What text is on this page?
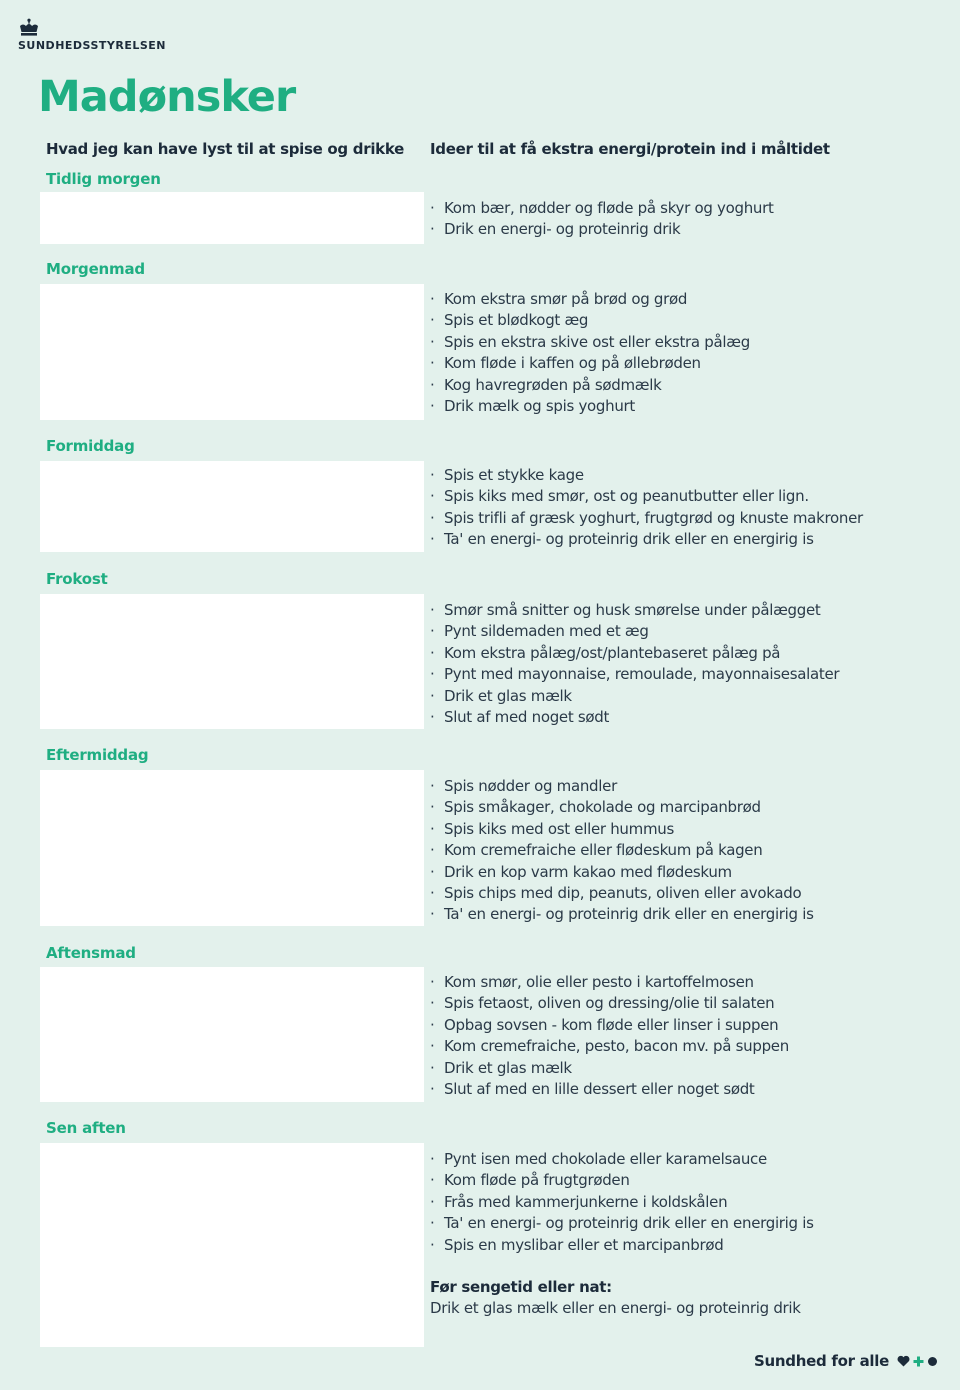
SUNDHEDSSTYRELSEN
Madønsker
Hvad jeg kan have lyst til at spise og drikke Ideer til at få ekstra energi/protein ind i måltidet
Tidlig morgen
· Kom bær, nødder og fløde på skyr og yoghurt
· Drik en energi- og proteinrig drik
Morgenmad
· Kom ekstra smør på brød og grød
· Spis et blødkogt æg
· Spis en ekstra skive ost eller ekstra pålæg
· Kom fløde i kaffen og på øllebrøden
· Kog havregrøden på sødmælk
· Drik mælk og spis yoghurt
Formiddag
· Spis et stykke kage
· Spis kiks med smør, ost og peanutbutter eller lign.
· Spis trifli af græsk yoghurt, frugtgrød og knuste makroner
· Ta' en energi- og proteinrig drik eller en energirig is
Frokost
· Smør små snitter og husk smørelse under pålægget
· Pynt sildemaden med et æg
· Kom ekstra pålæg/ost/plantebaseret pålæg på
· Pynt med mayonnaise, remoulade, mayonnaisesalater
· Drik et glas mælk
· Slut af med noget sødt
Eftermiddag
· Spis nødder og mandler
· Spis småkager, chokolade og marcipanbrød
· Spis kiks med ost eller hummus
· Kom cremefraiche eller flødeskum på kagen
· Drik en kop varm kakao med flødeskum
· Spis chips med dip, peanuts, oliven eller avokado
· Ta' en energi- og proteinrig drik eller en energirig is
Aftensmad
· Kom smør, olie eller pesto i kartoffelmosen
· Spis fetaost, oliven og dressing/olie til salaten
· Opbag sovsen - kom fløde eller linser i suppen
· Kom cremefraiche, pesto, bacon mv. på suppen
· Drik et glas mælk
· Slut af med en lille dessert eller noget sødt
Sen aften
· Pynt isen med chokolade eller karamelsauce
· Kom fløde på frugtgrøden
· Frås med kammerjunkerne i koldskålen
· Ta' en energi- og proteinrig drik eller en energirig is
· Spis en myslibar eller et marcipanbrød
Før sengetid eller nat:
Drik et glas mælk eller en energi- og proteinrig drik
Sundhed for alle
